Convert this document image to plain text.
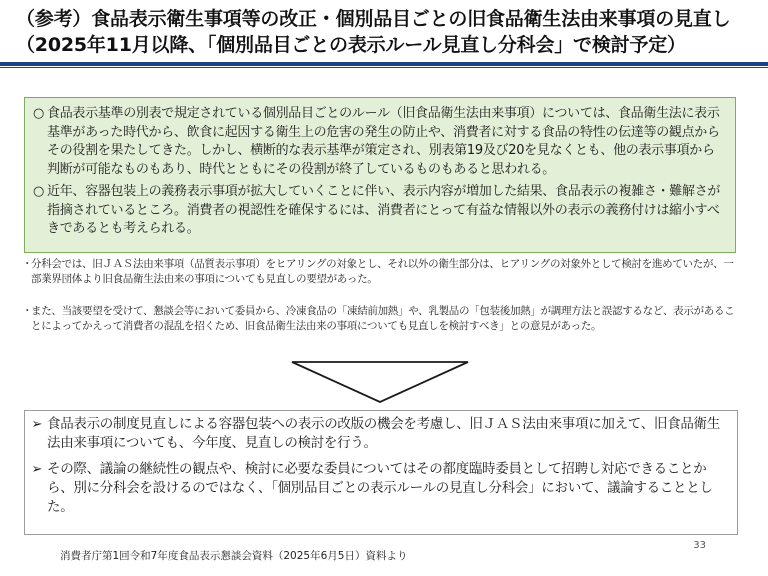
（参考）食品表示衛生事項等の改正・個別品目ごとの旧食品衛生法由来事項の見直し（2025年11月以降、「個別品目ごとの表示ルール見直し分科会」で検討予定）
○ 食品表示基準の別表で規定されている個別品目ごとのルール（旧食品衛生法由来事項）については、食品衛生法に表示基準があった時代から、飲食に起因する衛生上の危害の発生の防止や、消費者に対する食品の特性の伝達等の観点からその役割を果たしてきた。しかし、横断的な表示基準が策定され、別表第19及び20を見なくとも、他の表示事項から判断が可能なものもあり、時代とともにその役割が終了しているものもあると思われる。
○ 近年、容器包装上の義務表示事項が拡大していくことに伴い、表示内容が増加した結果、食品表示の複雑さ・難解さが指摘されているところ。消費者の視認性を確保するには、消費者にとって有益な情報以外の表示の義務付けは縮小すべきであるとも考えられる。
・
分科会では、旧ＪＡＳ法由来事項（品質表示事項）をヒアリングの対象とし、それ以外の衛生部分は、ヒアリングの対象外として検討を進めていたが、一部業界団体より旧食品衛生法由来の事項についても見直しの要望があった。
・
また、当該要望を受けて、懇談会等において委員から、冷凍食品の「凍結前加熱」や、乳製品の「包装後加熱」が調理方法と誤認するなど、表示があることによってかえって消費者の混乱を招くため、旧食品衛生法由来の事項についても見直しを検討すべき」との意見があった。
➢ 食品表示の制度見直しによる容器包装への表示の改版の機会を考慮し、旧ＪＡＳ法由来事項に加えて、旧食品衛生法由来事項についても、今年度、見直しの検討を行う。
➢ その際、議論の継続性の観点や、検討に必要な委員についてはその都度臨時委員として招聘し対応できることから、別に分科会を設けるのではなく、「個別品目ごとの表示ルールの見直し分科会」において、議論することとした。
消費者庁第1回令和7年度食品表示懇談会資料（2025年6月5日）資料より
33
